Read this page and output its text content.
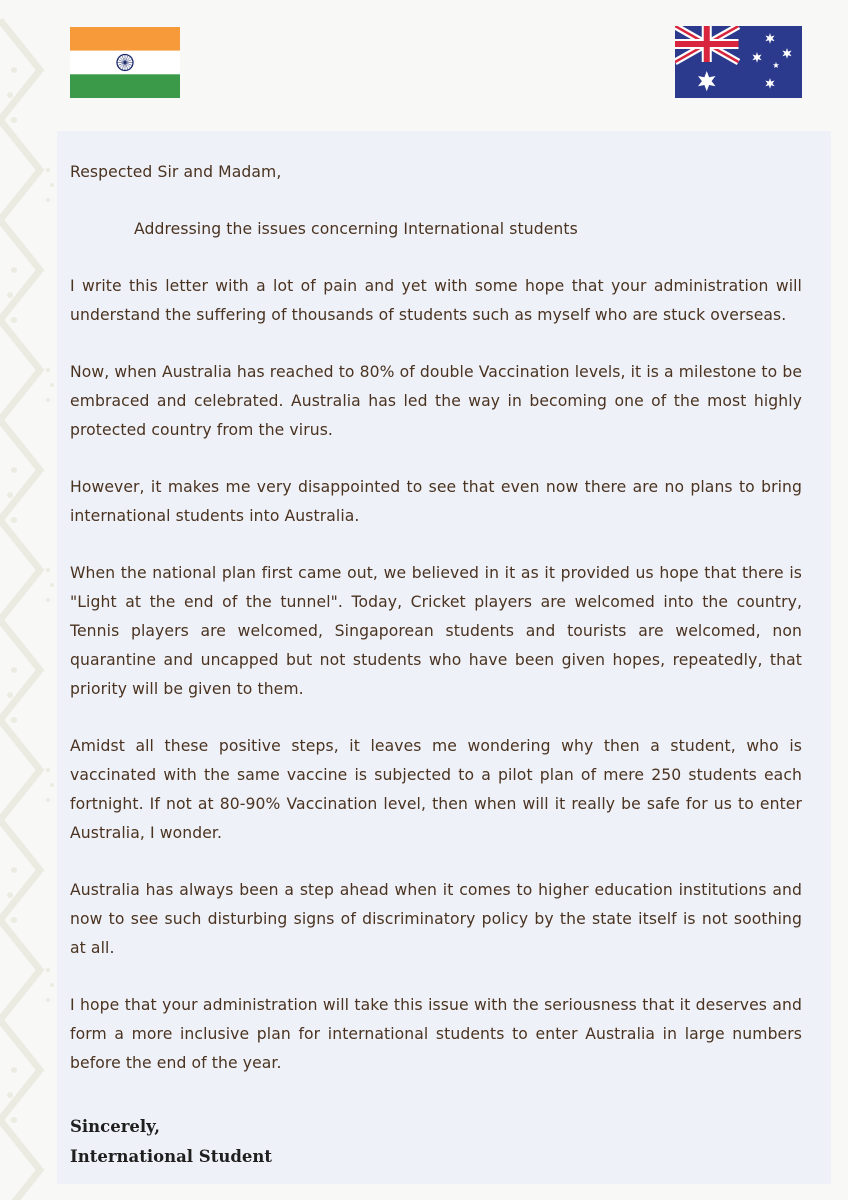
Respected Sir and Madam,

Addressing the issues concerning International students

I write this letter with a lot of pain and yet with some hope that your administration will understand the suffering of thousands of students such as myself who are stuck overseas.

Now, when Australia has reached to 80% of double Vaccination levels, it is a milestone to be embraced and celebrated. Australia has led the way in becoming one of the most highly protected country from the virus.

However, it makes me very disappointed to see that even now there are no plans to bring international students into Australia.

When the national plan first came out, we believed in it as it provided us hope that there is "Light at the end of the tunnel". Today, Cricket players are welcomed into the country, Tennis players are welcomed, Singaporean students and tourists are welcomed, non quarantine and uncapped but not students who have been given hopes, repeatedly, that priority will be given to them.

Amidst all these positive steps, it leaves me wondering why then a student, who is vaccinated with the same vaccine is subjected to a pilot plan of mere 250 students each fortnight. If not at 80-90% Vaccination level, then when will it really be safe for us to enter Australia, I wonder.

Australia has always been a step ahead when it comes to higher education institutions and now to see such disturbing signs of discriminatory policy by the state itself is not soothing at all.

I hope that your administration will take this issue with the seriousness that it deserves and form a more inclusive plan for international students to enter Australia in large numbers before the end of the year.

Sincerely,
International Student
